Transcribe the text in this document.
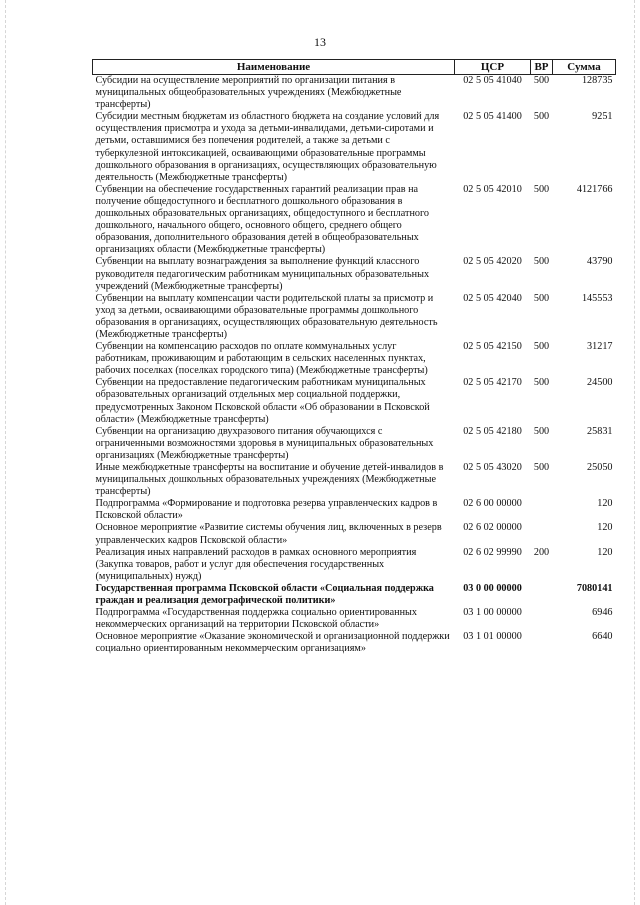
13
Наименование	ЦСР	ВР	Сумма
Субсидии на осуществление мероприятий по организации питания в муниципальных общеобразовательных учреждениях (Межбюджетные трансферты)	02 5 05 41040	500	128735
Субсидии местным бюджетам из областного бюджета на создание условий для осуществления присмотра и ухода за детьми-инвалидами, детьми-сиротами и детьми, оставшимися без попечения родителей, а также за детьми с туберкулезной интоксикацией, осваивающими образовательные программы дошкольного образования в организациях, осуществляющих образовательную деятельность (Межбюджетные трансферты)	02 5 05 41400	500	9251
Субвенции на обеспечение государственных гарантий реализации прав на получение общедоступного и бесплатного дошкольного образования в дошкольных образовательных организациях, общедоступного и бесплатного дошкольного, начального общего, основного общего, среднего общего образования, дополнительного образования детей в общеобразовательных организациях области (Межбюджетные трансферты)	02 5 05 42010	500	4121766
Субвенции на выплату вознаграждения за выполнение функций классного руководителя педагогическим работникам муниципальных образовательных учреждений (Межбюджетные трансферты)	02 5 05 42020	500	43790
Субвенции на выплату компенсации части родительской платы за присмотр и уход за детьми, осваивающими образовательные программы дошкольного образования в организациях, осуществляющих образовательную деятельность (Межбюджетные трансферты)	02 5 05 42040	500	145553
Субвенции на компенсацию расходов по оплате коммунальных услуг работникам, проживающим и работающим в сельских населенных пунктах, рабочих поселках (поселках городского типа) (Межбюджетные трансферты)	02 5 05 42150	500	31217
Субвенции на предоставление педагогическим работникам муниципальных образовательных организаций отдельных мер социальной поддержки, предусмотренных Законом Псковской области «Об образовании в Псковской области» (Межбюджетные трансферты)	02 5 05 42170	500	24500
Субвенции на организацию двухразового питания обучающихся с ограниченными возможностями здоровья в муниципальных образовательных организациях (Межбюджетные трансферты)	02 5 05 42180	500	25831
Иные межбюджетные трансферты на воспитание и обучение детей-инвалидов в муниципальных дошкольных образовательных учреждениях (Межбюджетные трансферты)	02 5 05 43020	500	25050
Подпрограмма «Формирование и подготовка резерва управленческих кадров в Псковской области»	02 6 00 00000		120
Основное мероприятие «Развитие системы обучения лиц, включенных в резерв управленческих кадров Псковской области»	02 6 02 00000		120
Реализация иных направлений расходов в рамках основного мероприятия (Закупка товаров, работ и услуг для обеспечения государственных (муниципальных) нужд)	02 6 02 99990	200	120
Государственная программа Псковской области «Социальная поддержка граждан и реализация демографической политики»	03 0 00 00000		7080141
Подпрограмма «Государственная поддержка социально ориентированных некоммерческих организаций на территории Псковской области»	03 1 00 00000		6946
Основное мероприятие «Оказание экономической и организационной поддержки социально ориентированным некоммерческим организациям»	03 1 01 00000		6640
